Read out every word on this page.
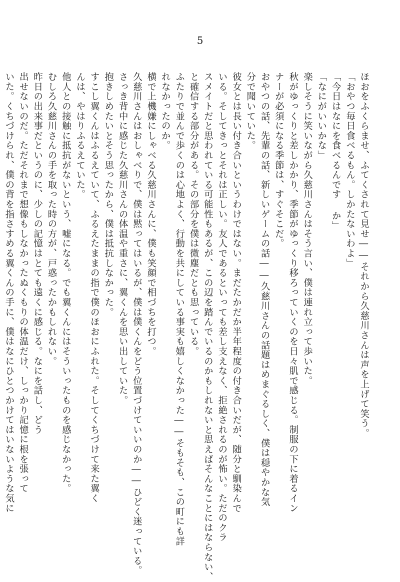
5
ほおをふくらませ、ふてくされて見せ――それから久慈川さんは声を上げて笑う。
「おやつ毎日食べるもん。しかたないわよ」
「今日はなにを食べるんです か」
「なにがいいかな」
楽しそうに笑いながら久慈川さんはそう言い、僕は連れ立って歩いた。
秋がゆっくりと差しかかり、季節がゆっくり移ろっていくのを日々肌で感じる。制服の下に着るイン
ナーが必須になる季節は、すぐそこだ。
おやつの話、先輩の話、新しいゲームの話――久慈川さんの話題はめまぐるしく、僕は穏やかな気
分で聞いていた。
彼女とは長い付き合いというわけではない。まだたかだか半年程度の付き合いだが、随分と馴染んで
いる。そしてきっとそれは正しい。友人であるといっても差し支えなく、拒絶されるのが怖い。ただのクラ
スメイトだと思われている可能性もあるが、この辺を踏んでいるのかもしれないと思えばそんなことにはならない、
と確信する部分がある。その部分を僕は微塵だとも思っている。
ふたりで並んで歩くのは心地よく、行動を共にしている事実も嬉しくなかった――そもそも、この町にも詳
れなかったのか。
横で上機嫌にしゃべる久慈川さんに、僕も笑顔で相づちを打つ。
久慈川さんはおしゃべりで、僕は黙ってはいるが、僕は僕くんをどう位置づけていいのか――ひどく迷っている。
さっき背中に感じた久慈川さんの体温や重さに、翼くんを思い出していた。
抱きしめたいとそう思ったから、僕は抵抗しなかった。
すこし翼くんはふるえていて、ふるえたままの指で僕のほおにふれた。そしてくちづけて来た翼く
んは、やはりふるえていた。
他人との接触に抵抗がないという、嘘になる。でも翼くんにはそういったものを感じなかった。
むしろ久慈川さんの手を取った時の方が、戸惑ったかもしれない。
昨日の出来事だというのに、少しの記憶はとても遠くに感じる。なにを話し、どう
出せないのだ。ただそれまで想像もしなかったぬくもりの体温だけ、しっかり記憶に根を張って
いた。くちづけられ、僕の背を指さすめる翼くんの手に、僕はなにひとつかけてはいないような気に
